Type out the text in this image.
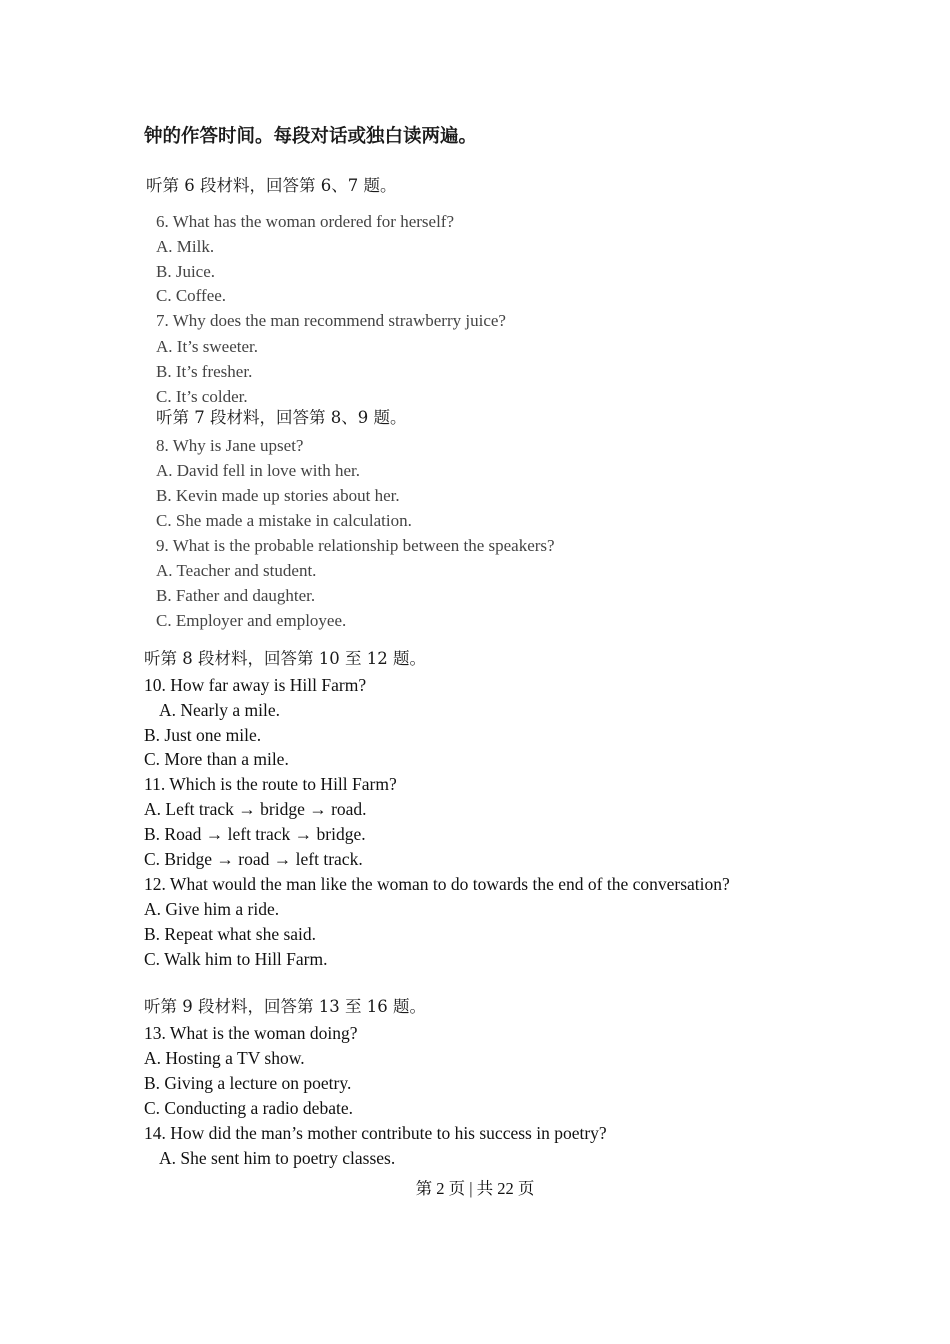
钟的作答时间。每段对话或独白读两遍。
听第 6 段材料，回答第 6、7 题。
6. What has the woman ordered for herself?
A. Milk.
B. Juice.
C. Coffee.
7. Why does the man recommend strawberry juice?
A. It’s sweeter.
B. It’s fresher.
C. It’s colder.
听第 7 段材料，回答第 8、9 题。
8. Why is Jane upset?
A. David fell in love with her.
B. Kevin made up stories about her.
C. She made a mistake in calculation.
9. What is the probable relationship between the speakers?
A. Teacher and student.
B. Father and daughter.
C. Employer and employee.
听第 8 段材料，回答第 10 至 12 题。
10. How far away is Hill Farm?
A. Nearly a mile.
B. Just one mile.
C. More than a mile.
11. Which is the route to Hill Farm?
A. Left track → bridge → road.
B. Road → left track → bridge.
C. Bridge → road → left track.
12. What would the man like the woman to do towards the end of the conversation?
A. Give him a ride.
B. Repeat what she said.
C. Walk him to Hill Farm.
听第 9 段材料，回答第 13 至 16 题。
13. What is the woman doing?
A. Hosting a TV show.
B. Giving a lecture on poetry.
C. Conducting a radio debate.
14. How did the man’s mother contribute to his success in poetry?
A. She sent him to poetry classes.
第 2 页 | 共 22 页
